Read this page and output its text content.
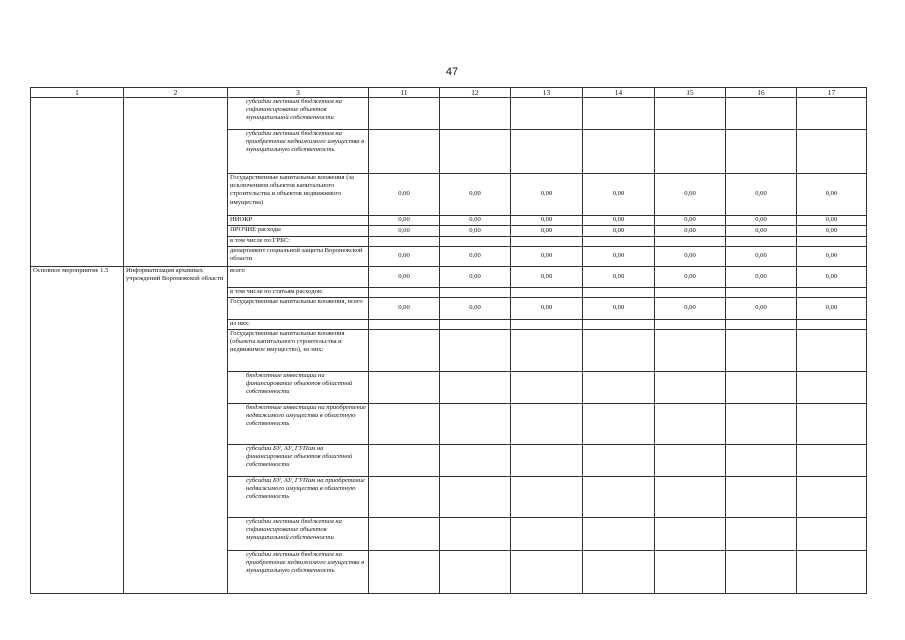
47
1	2	3	11	12	13	14	15	16	17
		субсидии местным бюджетам на софинансирование объектов муниципальной собственности							
		субсидии местным бюджетам на приобретение недвижимого имущества в муниципальную собственность							
		Государственные капитальные вложения (за исключением объектов капитального строительства и объектов недвижимого имущества)	0,00	0,00	0,00	0,00	0,00	0,00	0,00
		НИОКР	0,00	0,00	0,00	0,00	0,00	0,00	0,00
		ПРОЧИЕ расходы	0,00	0,00	0,00	0,00	0,00	0,00	0,00
		в том числе по ГРБС:							
		департамент социальной защиты Воронежской области	0,00	0,00	0,00	0,00	0,00	0,00	0,00
Основное мероприятие 1.5	Информатизация архивных учреждений Воронежской области	всего	0,00	0,00	0,00	0,00	0,00	0,00	0,00
		в том числе по статьям расходов:							
		Государственные капитальные вложения, всего	0,00	0,00	0,00	0,00	0,00	0,00	0,00
		из них:							
		Государственные капитальные вложения (объекты капитального строительства и недвижимое имущество), из них:							
		бюджетные инвестиции на финансирование объектов областной собственности							
		бюджетные инвестиции на приобретение недвижимого имущества в областную собственность							
		субсидии БУ, АУ, ГУПам на финансирование объектов областной собственности							
		субсидии БУ, АУ, ГУПам на приобретение недвижимого имущества в областную собственность							
		субсидии местным бюджетам на софинансирование объектов муниципальной собственности							
		субсидии местным бюджетам на приобретение недвижимого имущества в муниципальную собственность							
